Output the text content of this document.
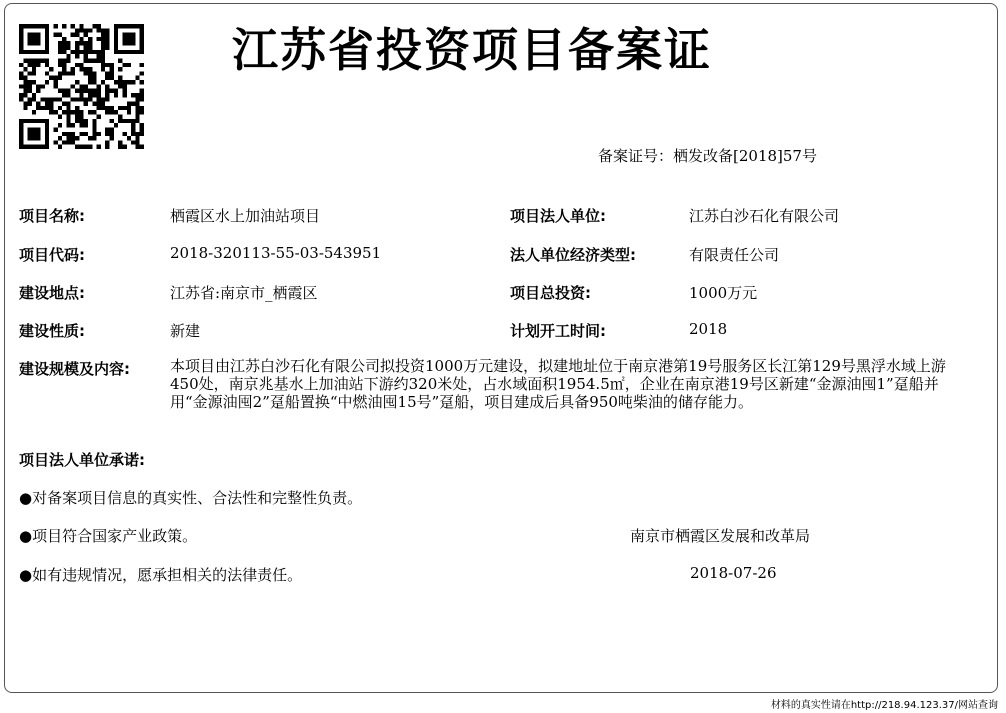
江苏省投资项目备案证
备案证号：栖发改备[2018]57号
项目名称:	栖霞区水上加油站项目	项目法人单位:	江苏白沙石化有限公司
项目代码:	2018-320113-55-03-543951	法人单位经济类型:	有限责任公司
建设地点:	江苏省:南京市_栖霞区	项目总投资:	1000万元
建设性质:	新建	计划开工时间:	2018
建设规模及内容:	本项目由江苏白沙石化有限公司拟投资1000万元建设，拟建地址位于南京港第19号服务区长江第129号黑浮水域上游450处，南京兆基水上加油站下游约320米处，占水域面积1954.5㎡，企业在南京港19号区新建“金源油囤1”趸船并用“金源油囤2”趸船置换“中燃油囤15号”趸船，项目建成后具备950吨柴油的储存能力。
项目法人单位承诺:
●对备案项目信息的真实性、合法性和完整性负责。
●项目符合国家产业政策。
●如有违规情况，愿承担相关的法律责任。
南京市栖霞区发展和改革局
2018-07-26
材料的真实性请在http://218.94.123.37/网站查询
